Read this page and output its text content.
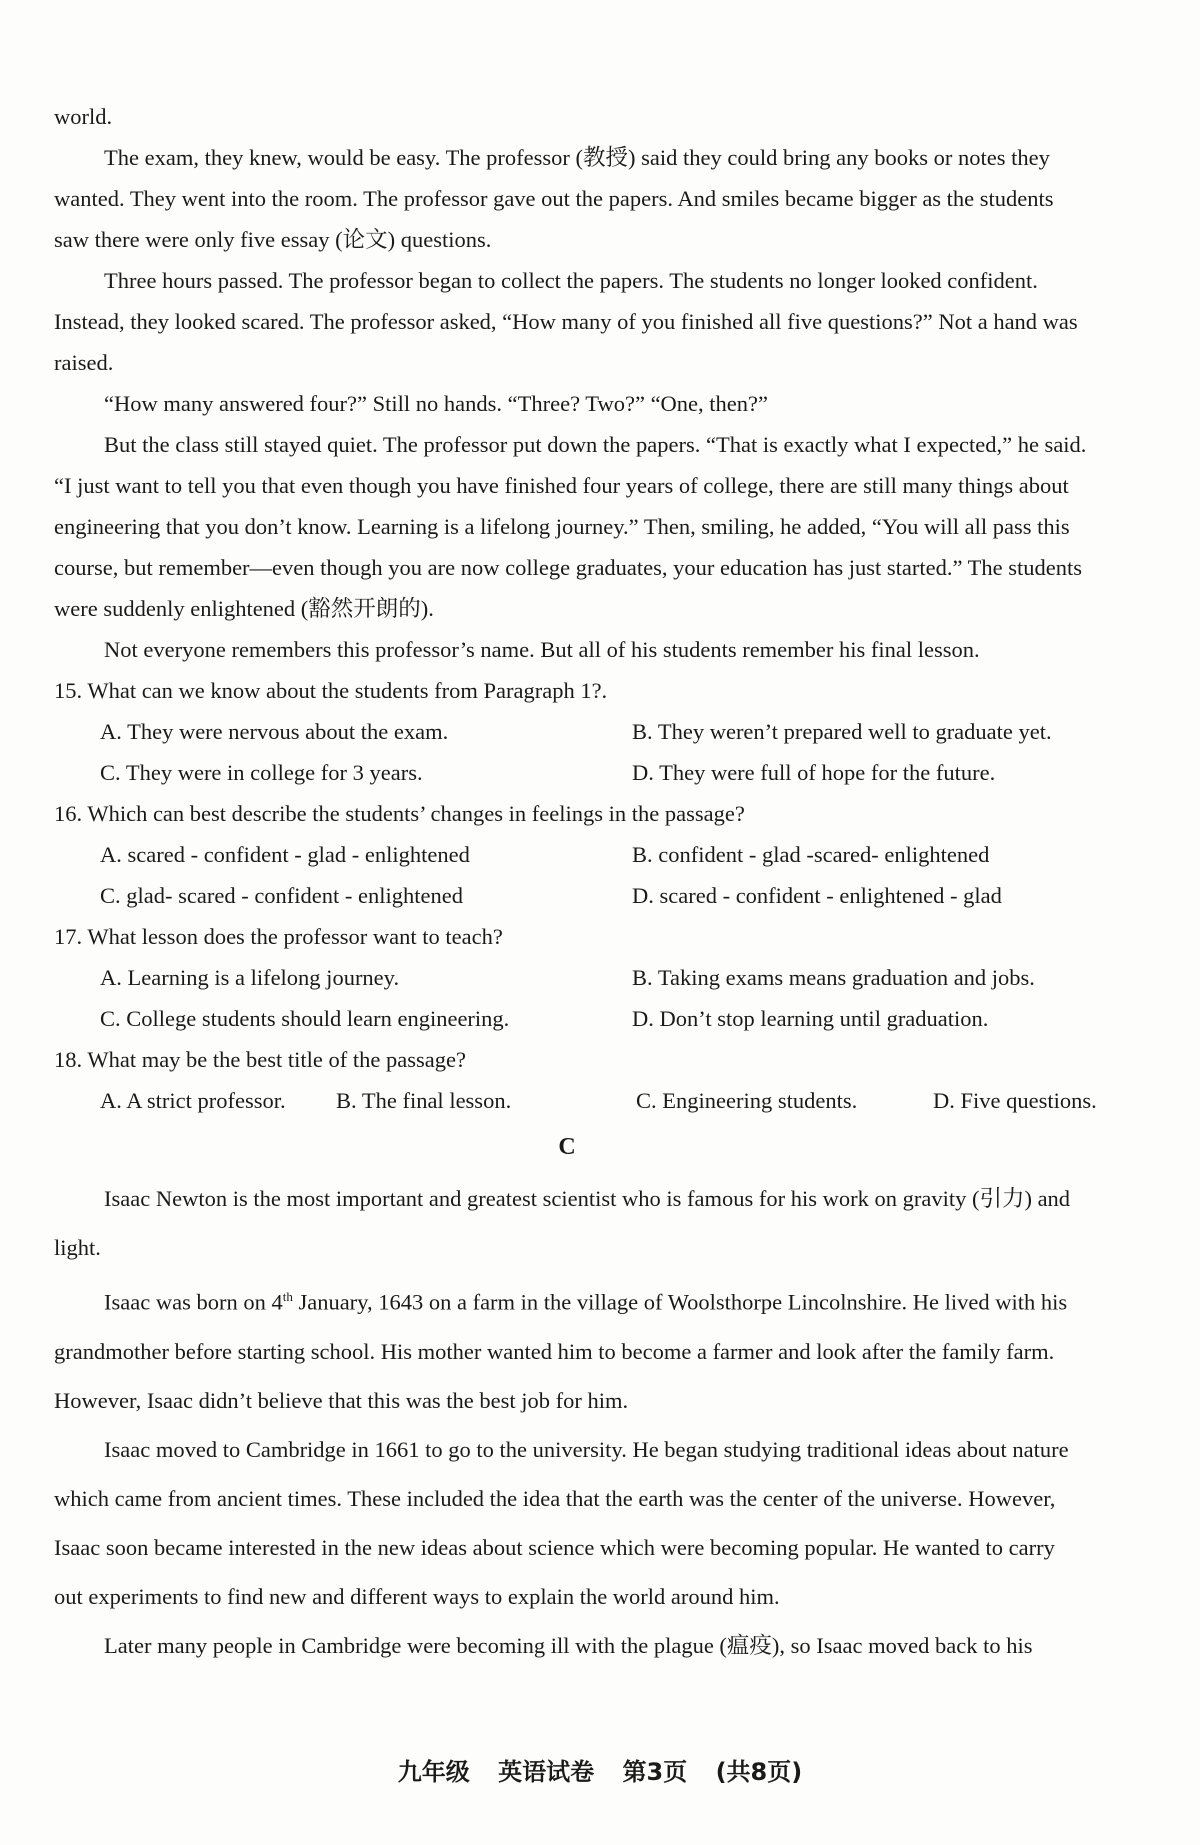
world.

The exam, they knew, would be easy. The professor (教授) said they could bring any books or notes they

wanted. They went into the room. The professor gave out the papers. And smiles became bigger as the students

saw there were only five essay (论文) questions.

Three hours passed. The professor began to collect the papers. The students no longer looked confident.

Instead, they looked scared. The professor asked, “How many of you finished all five questions?” Not a hand was

raised.

“How many answered four?” Still no hands. “Three? Two?” “One, then?”

But the class still stayed quiet. The professor put down the papers. “That is exactly what I expected,” he said.

“I just want to tell you that even though you have finished four years of college, there are still many things about

engineering that you don’t know. Learning is a lifelong journey.” Then, smiling, he added, “You will all pass this

course, but remember—even though you are now college graduates, your education has just started.” The students

were suddenly enlightened (豁然开朗的).

Not everyone remembers this professor’s name. But all of his students remember his final lesson.

15. What can we know about the students from Paragraph 1?.

A. They were nervous about the exam.	B. They weren’t prepared well to graduate yet.
C. They were in college for 3 years.	D. They were full of hope for the future.

16. Which can best describe the students’ changes in feelings in the passage?

A. scared - confident - glad - enlightened	B. confident - glad -scared- enlightened
C. glad- scared - confident - enlightened	D. scared - confident - enlightened - glad

17. What lesson does the professor want to teach?

A. Learning is a lifelong journey.	B. Taking exams means graduation and jobs.
C. College students should learn engineering.	D. Don’t stop learning until graduation.

18. What may be the best title of the passage?

A. A strict professor.	B. The final lesson.	C. Engineering students.	D. Five questions.
C

Isaac Newton is the most important and greatest scientist who is famous for his work on gravity (引力) and

light.

Isaac was born on 4th January, 1643 on a farm in the village of Woolsthorpe Lincolnshire. He lived with his

grandmother before starting school. His mother wanted him to become a farmer and look after the family farm.

However, Isaac didn’t believe that this was the best job for him.

Isaac moved to Cambridge in 1661 to go to the university. He began studying traditional ideas about nature

which came from ancient times. These included the idea that the earth was the center of the universe. However,

Isaac soon became interested in the new ideas about science which were becoming popular. He wanted to carry

out experiments to find new and different ways to explain the world around him.

Later many people in Cambridge were becoming ill with the plague (瘟疫), so Isaac moved back to his

九年级 英语试卷 第3页 (共8页)
